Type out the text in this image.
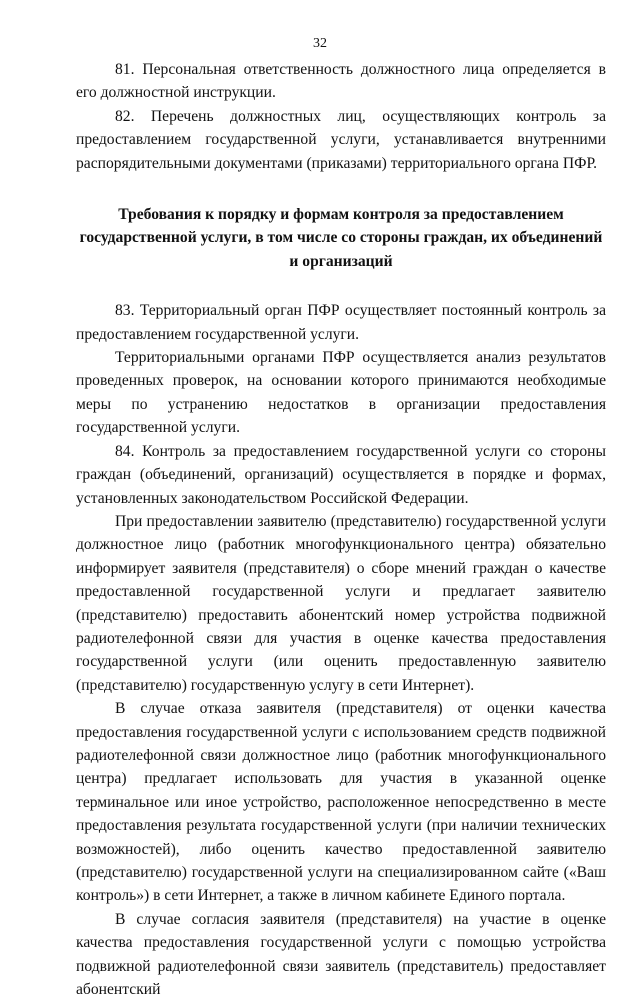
32

81. Персональная ответственность должностного лица определяется в его должностной инструкции.

82. Перечень должностных лиц, осуществляющих контроль за предоставлением государственной услуги, устанавливается внутренними распорядительными документами (приказами) территориального органа ПФР.

Требования к порядку и формам контроля за предоставлением государственной услуги, в том числе со стороны граждан, их объединений и организаций

83. Территориальный орган ПФР осуществляет постоянный контроль за предоставлением государственной услуги.

Территориальными органами ПФР осуществляется анализ результатов проведенных проверок, на основании которого принимаются необходимые меры по устранению недостатков в организации предоставления государственной услуги.

84. Контроль за предоставлением государственной услуги со стороны граждан (объединений, организаций) осуществляется в порядке и формах, установленных законодательством Российской Федерации.

При предоставлении заявителю (представителю) государственной услуги должностное лицо (работник многофункционального центра) обязательно информирует заявителя (представителя) о сборе мнений граждан о качестве предоставленной государственной услуги и предлагает заявителю (представителю) предоставить абонентский номер устройства подвижной радиотелефонной связи для участия в оценке качества предоставления государственной услуги (или оценить предоставленную заявителю (представителю) государственную услугу в сети Интернет).

В случае отказа заявителя (представителя) от оценки качества предоставления государственной услуги с использованием средств подвижной радиотелефонной связи должностное лицо (работник многофункционального центра) предлагает использовать для участия в указанной оценке терминальное или иное устройство, расположенное непосредственно в месте предоставления результата государственной услуги (при наличии технических возможностей), либо оценить качество предоставленной заявителю (представителю) государственной услуги на специализированном сайте («Ваш контроль») в сети Интернет, а также в личном кабинете Единого портала.

В случае согласия заявителя (представителя) на участие в оценке качества предоставления государственной услуги с помощью устройства подвижной радиотелефонной связи заявитель (представитель) предоставляет абонентский
